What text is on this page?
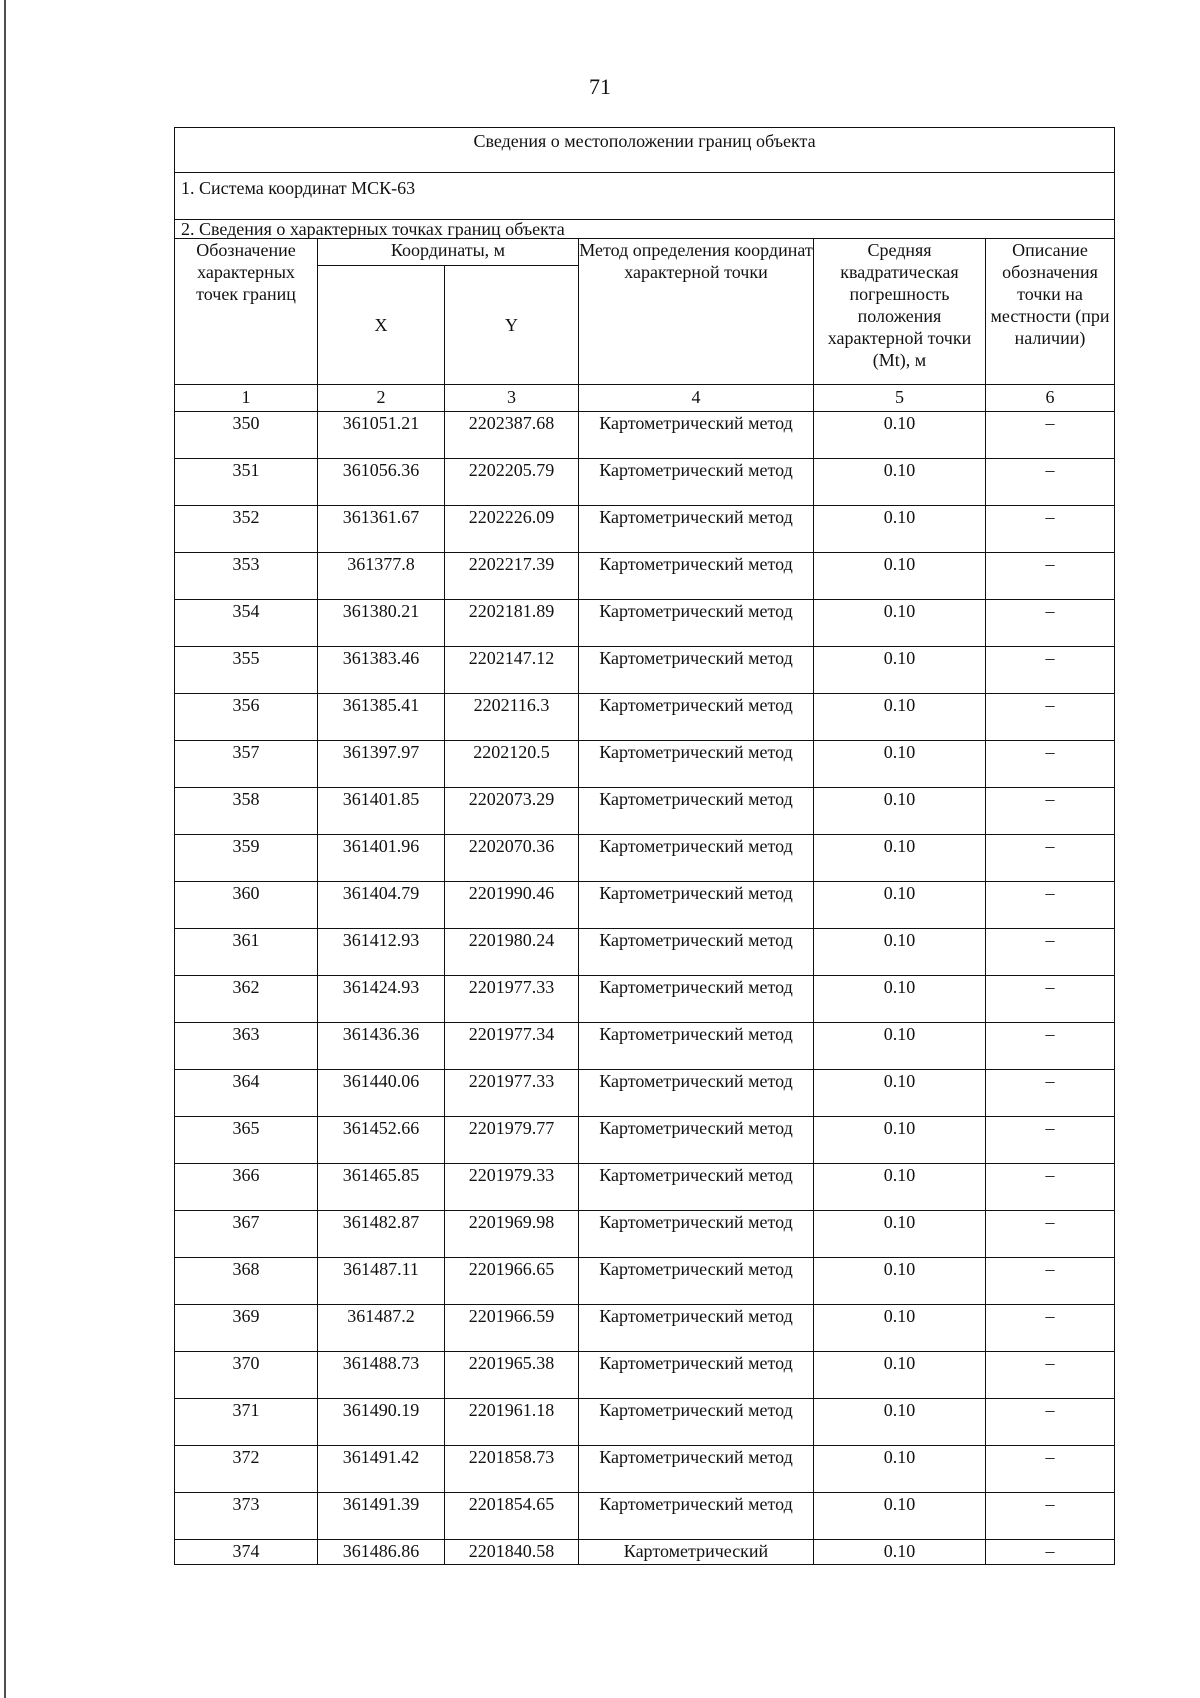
71
Сведения о местоположении границ объекта					
1. Система координат МСК-63					
2. Сведения о характерных точках границ объекта					
Обозначение характерных точек границ	Координаты, м		Метод определения координат характерной точки	Средняя квадратическая погрешность положения характерной точки (Mt), м	Описание обозначения точки на местности (при наличии)
	X	Y			
1	2	3	4	5	6
350	361051.21	2202387.68	Картометрический метод	0.10	–
351	361056.36	2202205.79	Картометрический метод	0.10	–
352	361361.67	2202226.09	Картометрический метод	0.10	–
353	361377.8	2202217.39	Картометрический метод	0.10	–
354	361380.21	2202181.89	Картометрический метод	0.10	–
355	361383.46	2202147.12	Картометрический метод	0.10	–
356	361385.41	2202116.3	Картометрический метод	0.10	–
357	361397.97	2202120.5	Картометрический метод	0.10	–
358	361401.85	2202073.29	Картометрический метод	0.10	–
359	361401.96	2202070.36	Картометрический метод	0.10	–
360	361404.79	2201990.46	Картометрический метод	0.10	–
361	361412.93	2201980.24	Картометрический метод	0.10	–
362	361424.93	2201977.33	Картометрический метод	0.10	–
363	361436.36	2201977.34	Картометрический метод	0.10	–
364	361440.06	2201977.33	Картометрический метод	0.10	–
365	361452.66	2201979.77	Картометрический метод	0.10	–
366	361465.85	2201979.33	Картометрический метод	0.10	–
367	361482.87	2201969.98	Картометрический метод	0.10	–
368	361487.11	2201966.65	Картометрический метод	0.10	–
369	361487.2	2201966.59	Картометрический метод	0.10	–
370	361488.73	2201965.38	Картометрический метод	0.10	–
371	361490.19	2201961.18	Картометрический метод	0.10	–
372	361491.42	2201858.73	Картометрический метод	0.10	–
373	361491.39	2201854.65	Картометрический метод	0.10	–
374	361486.86	2201840.58	Картометрический	0.10	–
